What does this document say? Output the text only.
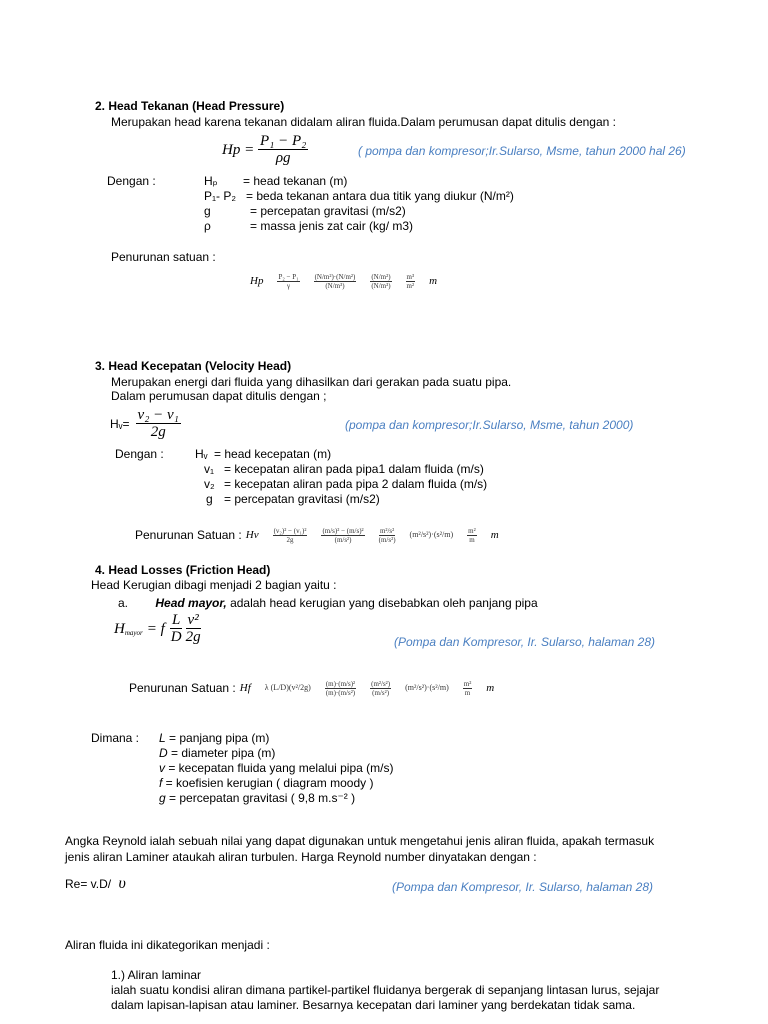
2. Head Tekanan (Head Pressure)
Merupakan head karena tekanan didalam aliran fluida.Dalam perumusan dapat ditulis dengan :
$Hp = \frac{\text{P₁ − P₂}}{\rho g}$	( pompa dan kompresor;Ir.Sularso, Msme, tahun 2000 hal 26)
Dengan :	Hₚ = head tekanan (m)
P₁- P₂ = beda tekanan antara dua titik yang diukur (N/m²)
g	= percepatan gravitasi (m/s2)
ρ	= massa jenis zat cair (kg/ m3)
Penurunan satuan :
Hp $\frac{\text{P₂ − P₁}}{\gamma} \frac{\text{(N/m²)·(N/m²)}}{\text{(N/m³)}} \frac{\text{(N/m²)}}{\text{(N/m³)}} \frac{\text{m³}}{\text{m²}}$ m
3. Head Kecepatan (Velocity Head)
Merupakan energi dari fluida yang dihasilkan dari gerakan pada suatu pipa.
Dalam perumusan dapat ditulis dengan ;
Hᵥ= $\frac{\text{v₂ − v₁}}{2g}$	(pompa dan kompresor;Ir.Sularso, Msme, tahun 2000)
Dengan :	Hᵥ = head kecepatan (m)
v₁ = kecepatan aliran pada pipa1 dalam fluida (m/s)
v₂ = kecepatan aliran pada pipa 2 dalam fluida (m/s)
g = percepatan gravitasi (m/s2)
Penurunan Satuan : Hv $\frac{\text{(v₂)² − (v₁)²}}{2g} \frac{\text{(m/s)² − (m/s)²}}{\text{(m/s²)}} \frac{\text{m²/s²}}{\text{(m/s²)}} (m^2/s^2)\cdot(s^2/m) \frac{\text{m²}}{m}$ m
4. Head Losses (Friction Head)
Head Kerugian dibagi menjadi 2 bagian yaitu :
a. Head mayor, adalah head kerugian yang disebabkan oleh panjang pipa
$H_{mayor} = f \frac{L}{D} \frac{\text{v²}}{2g}$	(Pompa dan Kompresor, Ir. Sularso, halaman 28)
Penurunan Satuan : Hf λ $(L/D)(v^2/2g) \frac{\text{(m)·(m/s)²}}{\text{(m)·(m/s²)}} \frac{\text{(m²/s²)}}{\text{(m/s²)}} (m^2/s^2)\cdot(s^2/m) \frac{\text{m²}}{m}$ m
Dimana : L = panjang pipa (m)
D = diameter pipa (m)
v = kecepatan fluida yang melalui pipa (m/s)
f = koefisien kerugian ( diagram moody )
g = percepatan gravitasi ( 9,8 m.s⁻² )
Angka Reynold ialah sebuah nilai yang dapat digunakan untuk mengetahui jenis aliran fluida, apakah termasuk
jenis aliran Laminer ataukah aliran turbulen. Harga Reynold number dinyatakan dengan :
Re= v.D/ υ	(Pompa dan Kompresor, Ir. Sularso, halaman 28)
Aliran fluida ini dikategorikan menjadi :
1.) Aliran laminar
ialah suatu kondisi aliran dimana partikel-partikel fluidanya bergerak di sepanjang lintasan lurus, sejajar
dalam lapisan-lapisan atau laminer. Besarnya kecepatan dari laminer yang berdekatan tidak sama.
